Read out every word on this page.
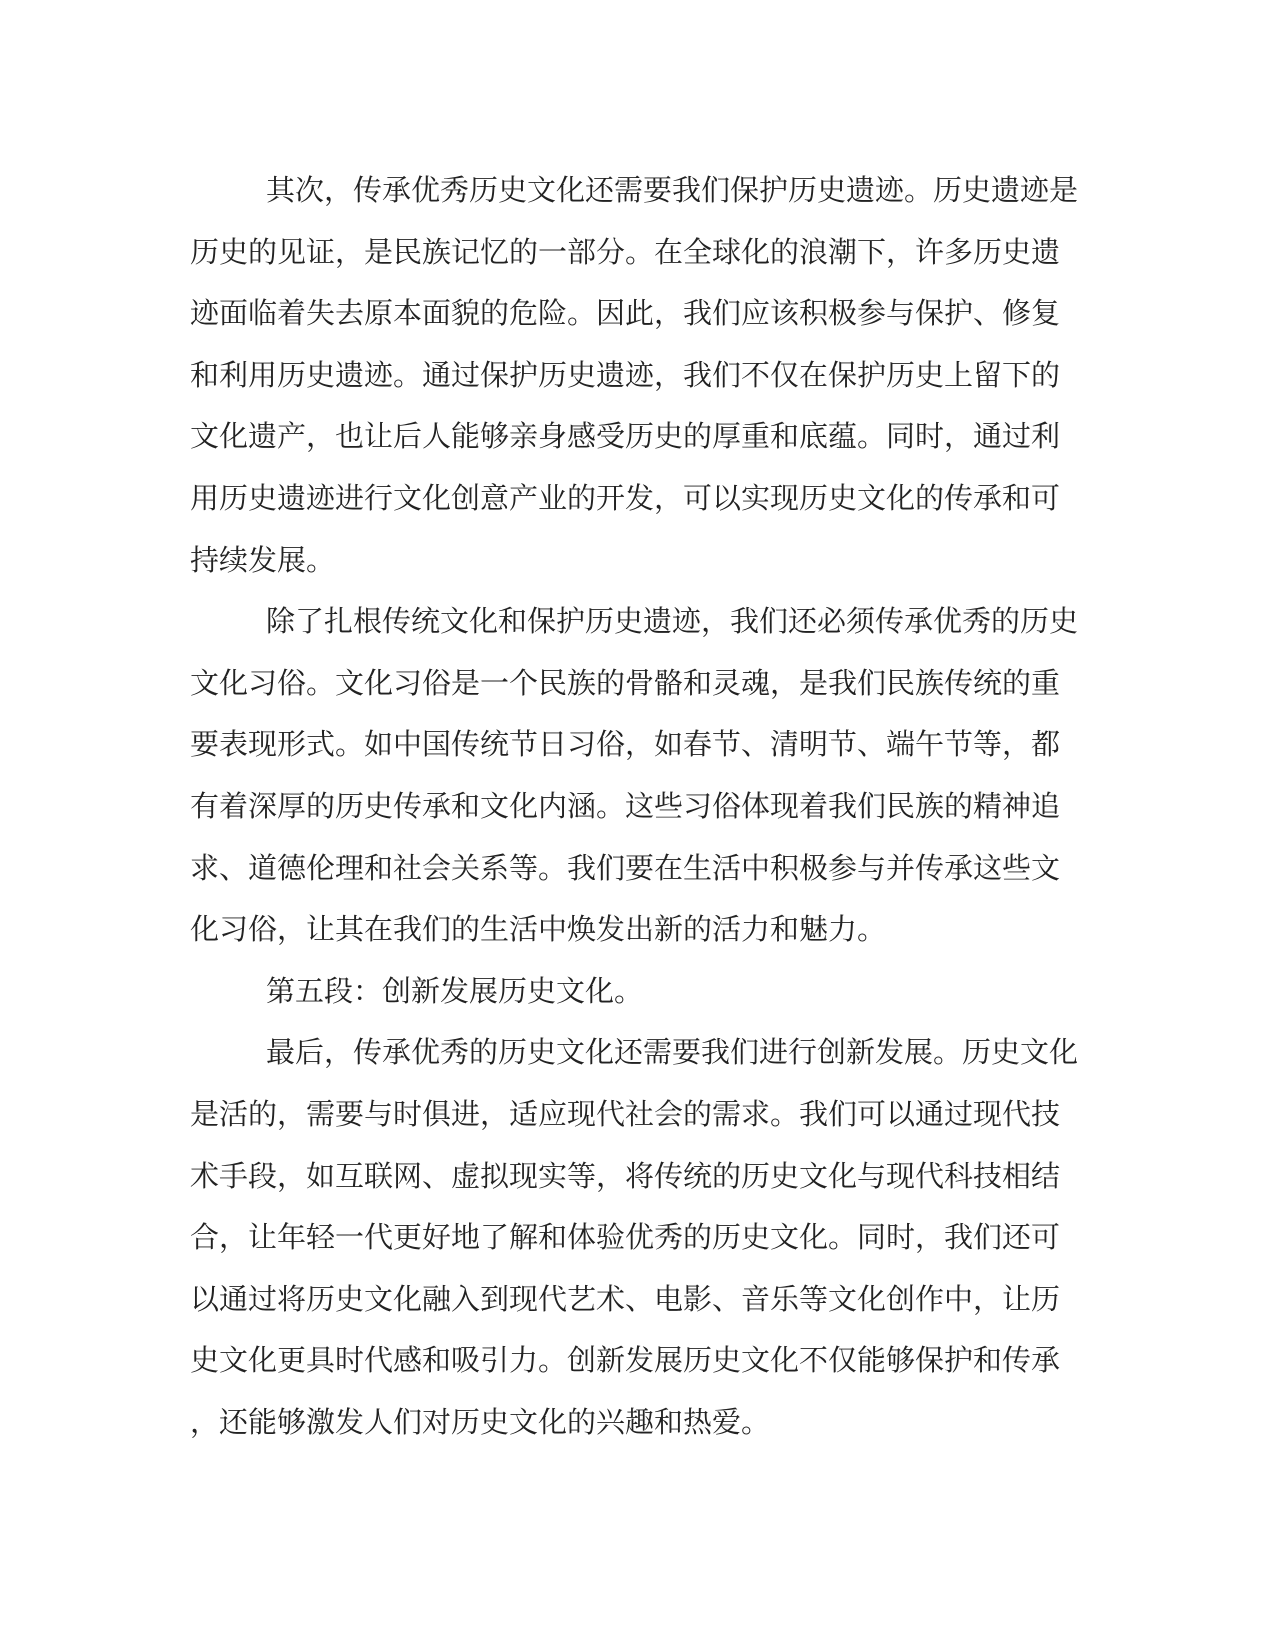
其次，传承优秀历史文化还需要我们保护历史遗迹。历史遗迹是
历史的见证，是民族记忆的一部分。在全球化的浪潮下，许多历史遗
迹面临着失去原本面貌的危险。因此，我们应该积极参与保护、修复
和利用历史遗迹。通过保护历史遗迹，我们不仅在保护历史上留下的
文化遗产，也让后人能够亲身感受历史的厚重和底蕴。同时，通过利
用历史遗迹进行文化创意产业的开发，可以实现历史文化的传承和可
持续发展。

除了扎根传统文化和保护历史遗迹，我们还必须传承优秀的历史
文化习俗。文化习俗是一个民族的骨骼和灵魂，是我们民族传统的重
要表现形式。如中国传统节日习俗，如春节、清明节、端午节等，都
有着深厚的历史传承和文化内涵。这些习俗体现着我们民族的精神追
求、道德伦理和社会关系等。我们要在生活中积极参与并传承这些文
化习俗，让其在我们的生活中焕发出新的活力和魅力。

第五段：创新发展历史文化。

最后，传承优秀的历史文化还需要我们进行创新发展。历史文化
是活的，需要与时俱进，适应现代社会的需求。我们可以通过现代技
术手段，如互联网、虚拟现实等，将传统的历史文化与现代科技相结
合，让年轻一代更好地了解和体验优秀的历史文化。同时，我们还可
以通过将历史文化融入到现代艺术、电影、音乐等文化创作中，让历
史文化更具时代感和吸引力。创新发展历史文化不仅能够保护和传承
，还能够激发人们对历史文化的兴趣和热爱。
